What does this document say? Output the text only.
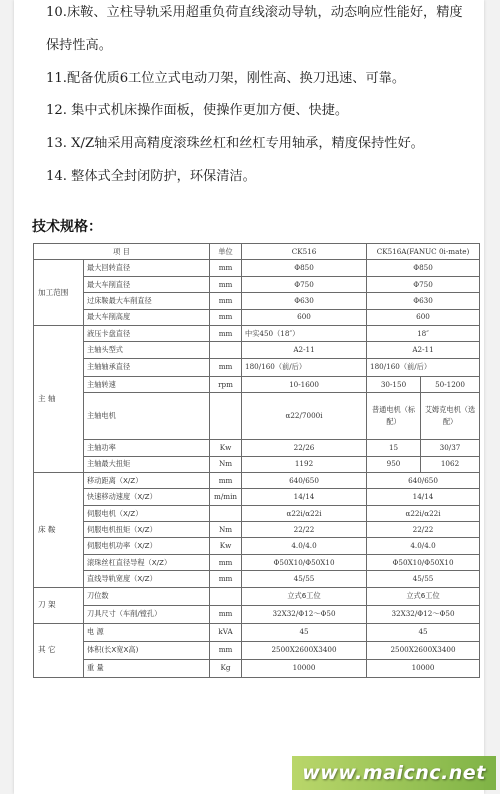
10.床鞍、立柱导轨采用超重负荷直线滚动导轨，动态响应性能好，精度
保持性高。
11.配备优质6工位立式电动刀架，刚性高、换刀迅速、可靠。
12. 集中式机床操作面板，使操作更加方便、快捷。
13. X/Z轴采用高精度滚珠丝杠和丝杠专用轴承，精度保持性好。
14. 整体式全封闭防护，环保清洁。
技术规格：
项 目		单位	CK516	CK516A(FANUC 0i-mate)	
加工范围	最大回转直径	mm	Φ850	Φ850	
	最大车削直径	mm	Φ750	Φ750	
	过床鞍最大车削直径	mm	Φ630	Φ630	
	最大车削高度	mm	600	600	
主 轴	液压卡盘直径	mm	中实450（18″）	18″	
	主轴头型式		A2-11	A2-11	
	主轴轴承直径	mm	180/160（前/后）	180/160（前/后）	
	主轴转速	rpm	10-1600	30-150	50-1200
	主轴电机		α22/7000i	普通电机（标配）	艾姆克电机（选配）
	主轴功率	Kw	22/26	15	30/37
	主轴最大扭矩	Nm	1192	950	1062
床 鞍	移动距离（X/Z）	mm	640/650	640/650	
	快速移动速度（X/Z）	m/min	14/14	14/14	
	伺服电机（X/Z）		α22i/α22i	α22i/α22i	
	伺服电机扭矩（X/Z）	Nm	22/22	22/22	
	伺服电机功率（X/Z）	Kw	4.0/4.0	4.0/4.0	
	滚珠丝杠直径导程（X/Z）	mm	Φ50X10/Φ50X10	Φ50X10/Φ50X10	
	直线导轨宽度（X/Z）	mm	45/55	45/55	
刀 架	刀位数		立式6工位	立式6工位	
	刀具尺寸（车削/镗孔）	mm	32X32/Φ12～Φ50	32X32/Φ12～Φ50	
其 它	电 源	kVA	45	45	
	体积(长X宽X高)	mm	2500X2600X3400	2500X2600X3400	
	重 量	Kg	10000	10000	
www.maicnc.net
